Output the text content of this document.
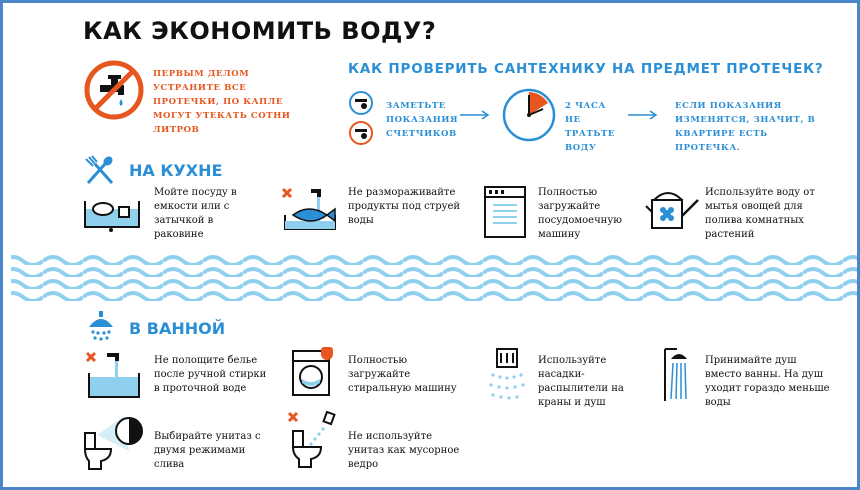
КАК ЭКОНОМИТЬ ВОДУ?
ПЕРВЫМ ДЕЛОМ УСТРАНИТЕ ВСЕ ПРОТЕЧКИ, ПО КАПЛЕ МОГУТ УТЕКАТЬ СОТНИ ЛИТРОВ
КАК ПРОВЕРИТЬ САНТЕХНИКУ НА ПРЕДМЕТ ПРОТЕЧЕК?
ЗАМЕТЬТЕ ПОКАЗАНИЯ СЧЕТЧИКОВ
2 ЧАСА НЕ ТРАТЬТЕ ВОДУ
ЕСЛИ ПОКАЗАНИЯ ИЗМЕНЯТСЯ, ЗНАЧИТ, В КВАРТИРЕ ЕСТЬ ПРОТЕЧКА.
НА КУХНЕ
Мойте посуду в емкости или с затычкой в раковине
Не размораживайте продукты под струей воды
Полностью загружайте посудомоечную машину
Используйте воду от мытья овощей для полива комнатных растений
В ВАННОЙ
Не полощите белье после ручной стирки в проточной воде
Полностью загружайте стиральную машину
Используйте насадки-распылители на краны и душ
Принимайте душ вместо ванны. На душ уходит гораздо меньше воды
Выбирайте унитаз с двумя режимами слива
Не используйте унитаз как мусорное ведро
